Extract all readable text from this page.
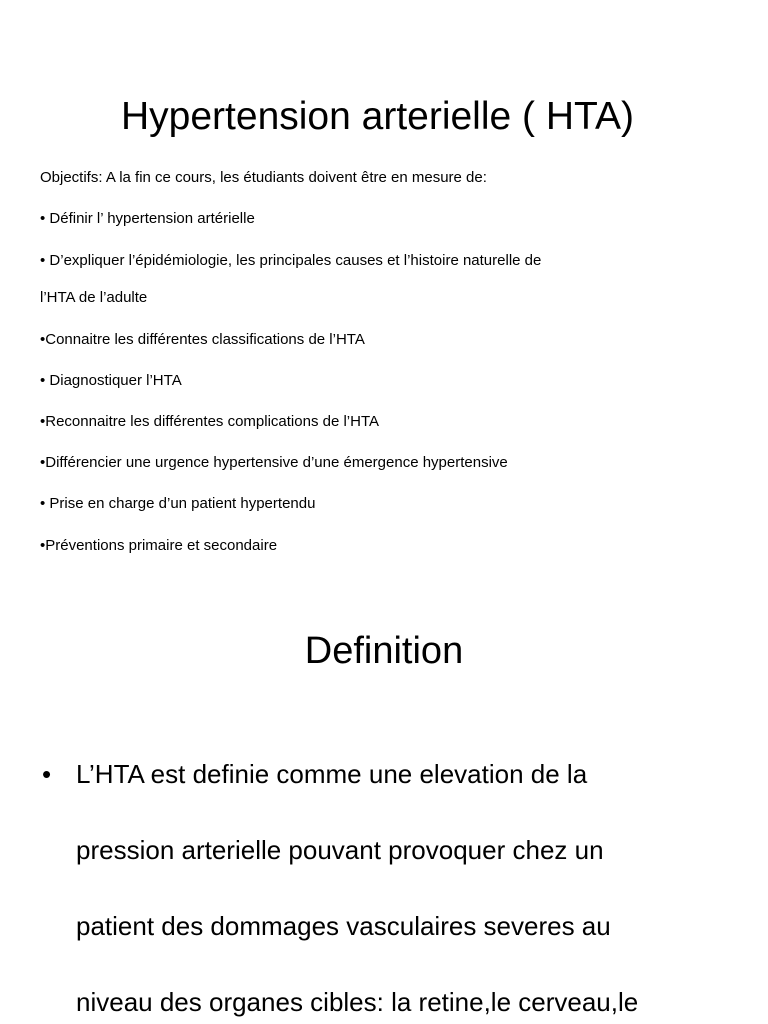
Hypertension arterielle ( HTA)
Objectifs: A la fin ce cours, les étudiants doivent être en mesure de:
• Définir l’ hypertension artérielle
• D’expliquer l’épidémiologie, les principales causes et l’histoire naturelle de
l’HTA de l’adulte
•Connaitre les différentes classifications de l’HTA
• Diagnostiquer l’HTA
•Reconnaitre les différentes complications de l’HTA
•Différencier une urgence hypertensive d’une émergence hypertensive
• Prise en charge d’un patient hypertendu
•Préventions primaire et secondaire
Definition
• L’HTA est definie comme une elevation de la
pression arterielle pouvant provoquer chez un
patient des dommages vasculaires severes au
niveau des organes cibles: la retine,le cerveau,le
